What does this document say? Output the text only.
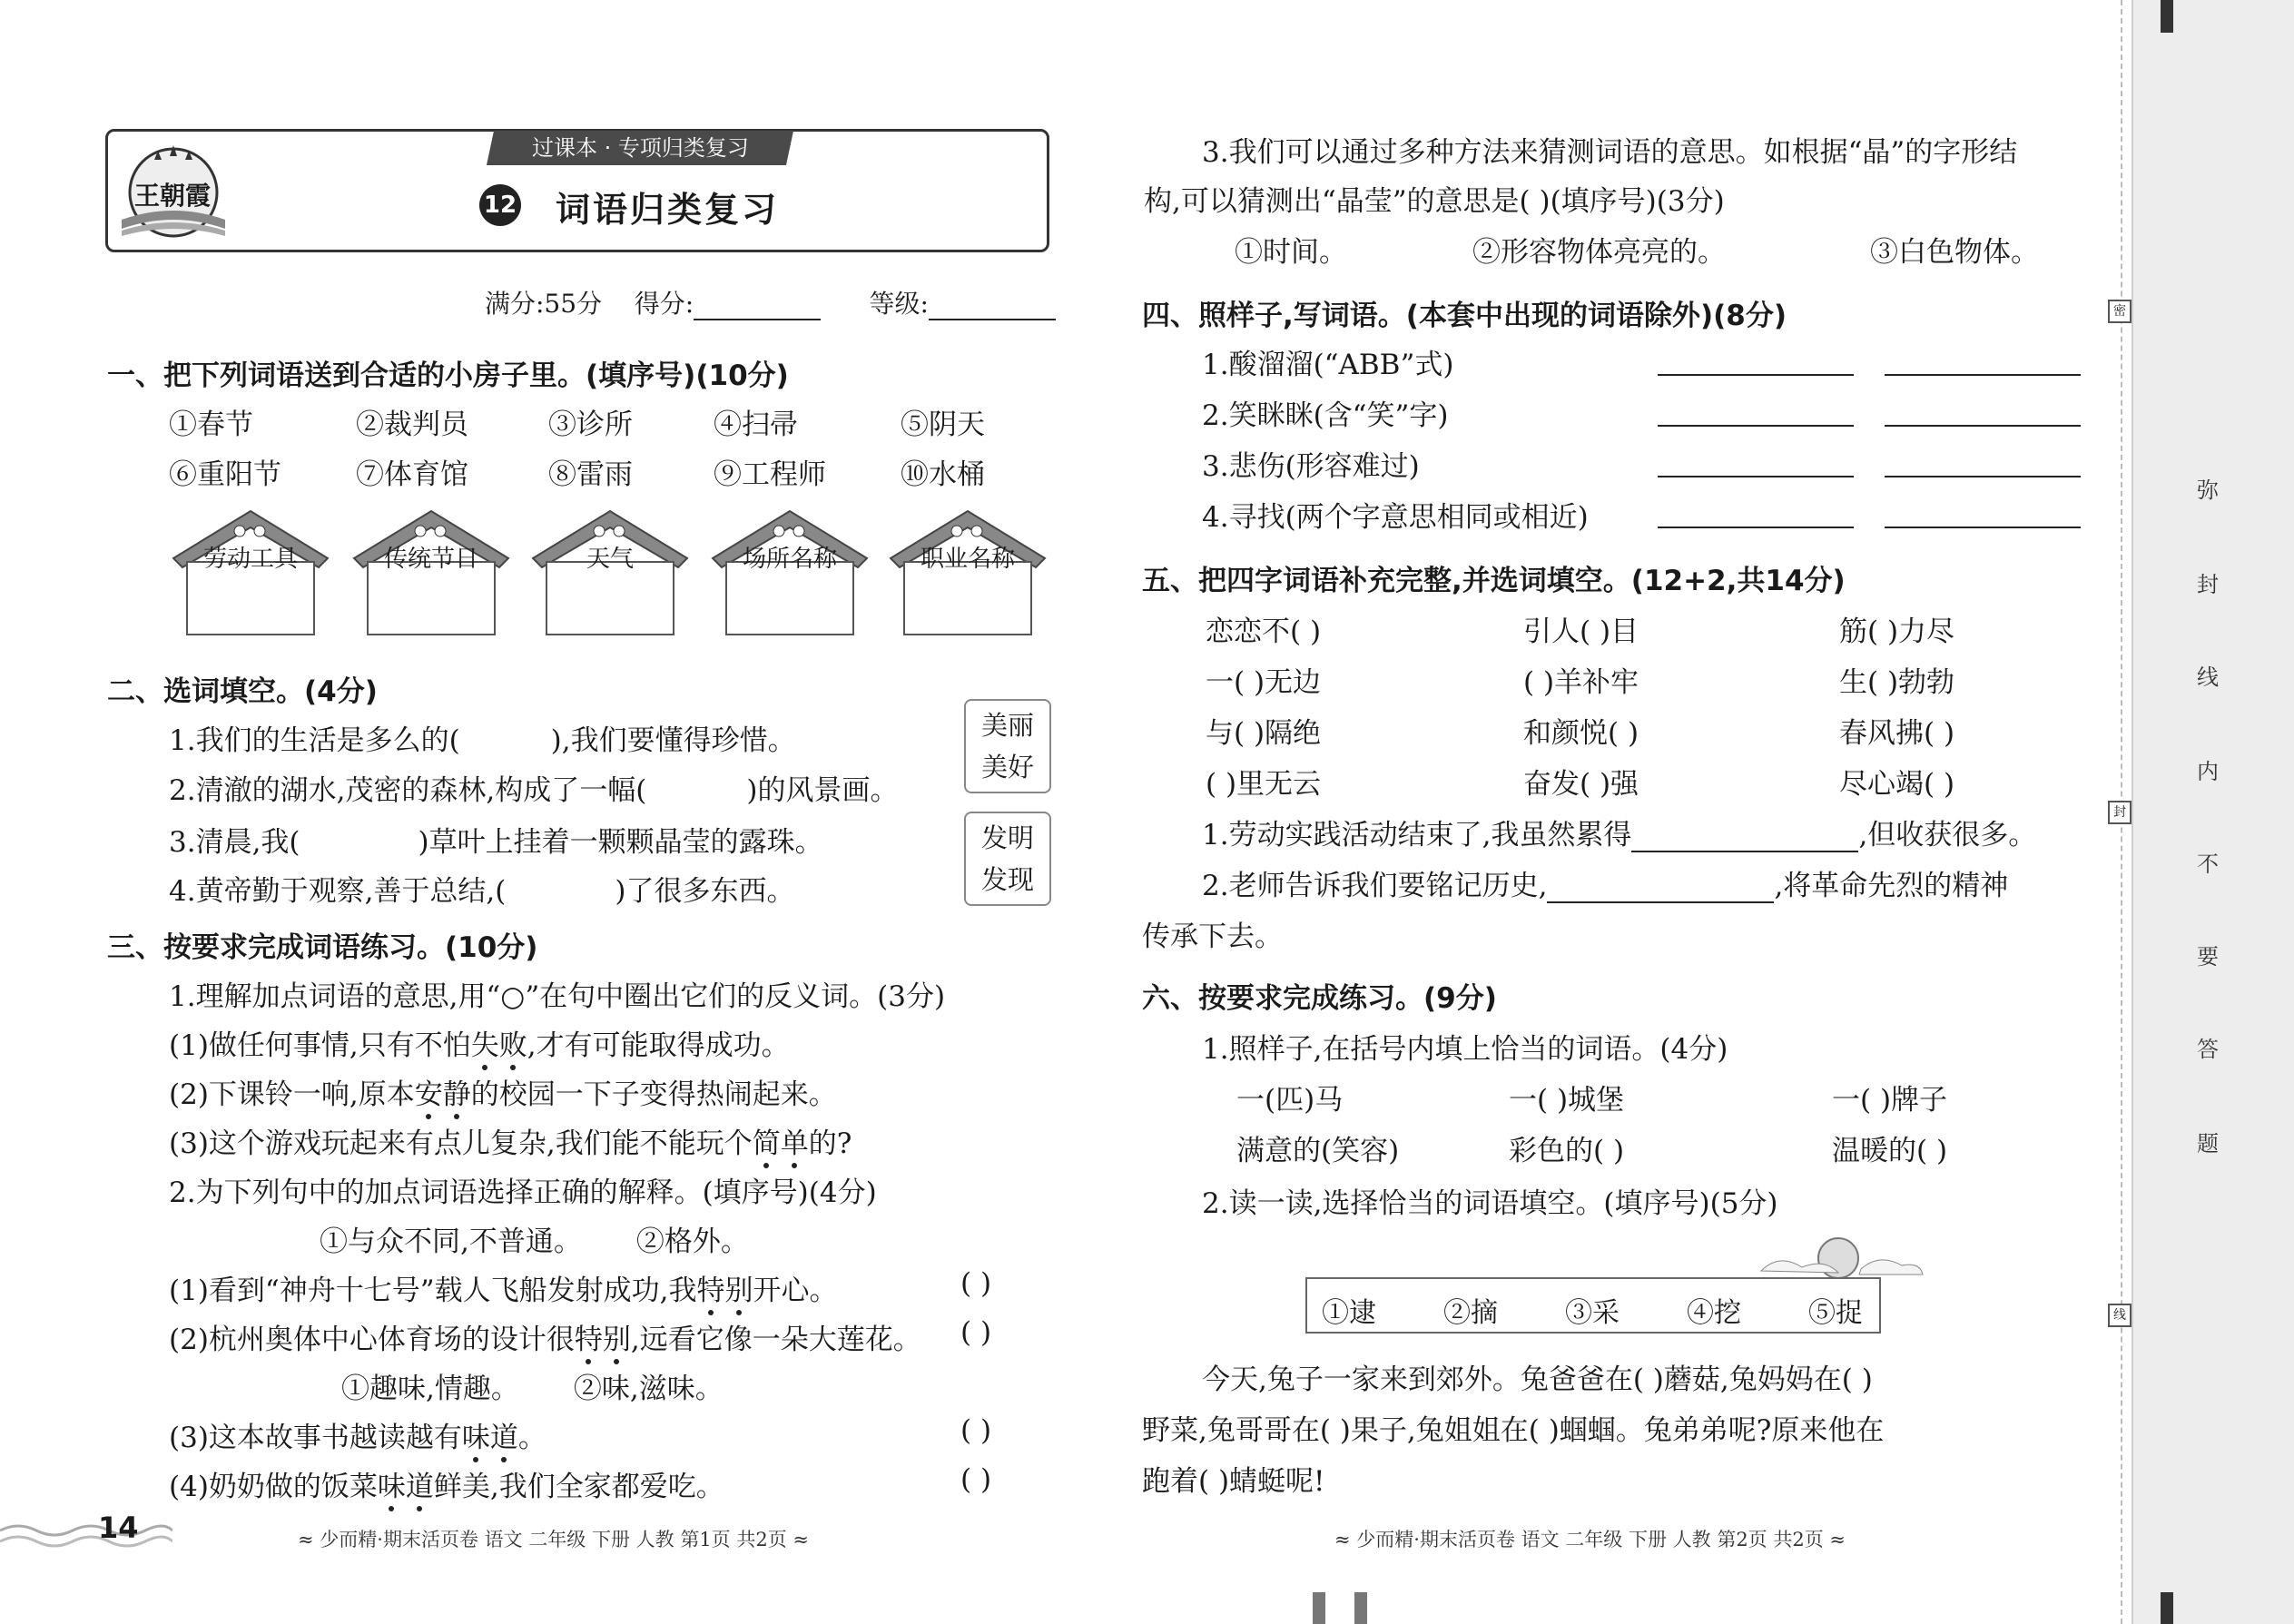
王朝霞
过课本 · 专项归类复习
12 词语归类复习
满分:55分 得分:	等级:
一、把下列词语送到合适的小房子里。(填序号)(10分)
①春节	②裁判员	③诊所	④扫帚	⑤阴天
⑥重阳节	⑦体育馆	⑧雷雨	⑨工程师	⑩水桶
劳动工具	传统节日	天气	场所名称	职业名称
二、选词填空。(4分)
1.我们的生活是多么的(	),我们要懂得珍惜。
2.清澈的湖水,茂密的森林,构成了一幅(	)的风景画。
3.清晨,我(	)草叶上挂着一颗颗晶莹的露珠。
4.黄帝勤于观察,善于总结,(	)了很多东西。
美丽
美好
发明
发现
三、按要求完成词语练习。(10分)
1.理解加点词语的意思,用“○”在句中圈出它们的反义词。(3分)
(1)做任何事情,只有不怕失败,才有可能取得成功。
(2)下课铃一响,原本安静的校园一下子变得热闹起来。
(3)这个游戏玩起来有点儿复杂,我们能不能玩个简单的?
2.为下列句中的加点词语选择正确的解释。(填序号)(4分)
①与众不同,不普通。 ②格外。
(1)看到“神舟十七号”载人飞船发射成功,我特别开心。	( )
(2)杭州奥体中心体育场的设计很特别,远看它像一朵大莲花。 ( )
①趣味,情趣。 ②味,滋味。
(3)这本故事书越读越有味道。	( )
(4)奶奶做的饭菜味道鲜美,我们全家都爱吃。	( )
14	≈ 少而精·期末活页卷 语文 二年级 下册 人教 第1页 共2页 ≈
3.我们可以通过多种方法来猜测词语的意思。如根据“晶”的字形结
构,可以猜测出“晶莹”的意思是( )(填序号)(3分)
①时间。	②形容物体亮亮的。	③白色物体。
四、照样子,写词语。(本套中出现的词语除外)(8分)
1.酸溜溜(“ABB”式)
2.笑眯眯(含“笑”字)
3.悲伤(形容难过)
4.寻找(两个字意思相同或相近)
五、把四字词语补充完整,并选词填空。(12+2,共14分)
恋恋不( )	引人( )目	筋( )力尽
一( )无边	( )羊补牢	生( )勃勃
与( )隔绝	和颜悦( )	春风拂( )
( )里无云	奋发( )强	尽心竭( )
1.劳动实践活动结束了,我虽然累得	,但收获很多。
2.老师告诉我们要铭记历史,	,将革命先烈的精神
传承下去。
六、按要求完成练习。(9分)
1.照样子,在括号内填上恰当的词语。(4分)
一(匹)马	一( )城堡	一( )牌子
满意的(笑容)	彩色的( )	温暖的( )
2.读一读,选择恰当的词语填空。(填序号)(5分)
①逮 ②摘 ③采 ④挖 ⑤捉
今天,兔子一家来到郊外。兔爸爸在( )蘑菇,兔妈妈在( )
野菜,兔哥哥在( )果子,兔姐姐在( )蝈蝈。兔弟弟呢?原来他在
跑着( )蜻蜓呢!
≈ 少而精·期末活页卷 语文 二年级 下册 人教 第2页 共2页 ≈
密
封
线
弥
封
线
内
不
要
答
题
